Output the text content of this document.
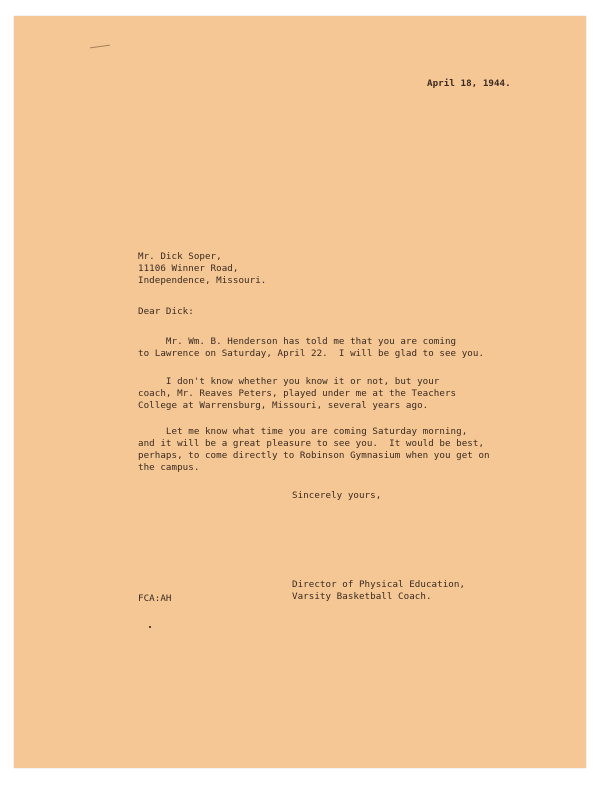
April 18, 1944.
Mr. Dick Soper,
11106 Winner Road,
Independence, Missouri.
Dear Dick:
Mr. Wm. B. Henderson has told me that you are coming
to Lawrence on Saturday, April 22.  I will be glad to see you.
I don't know whether you know it or not, but your
coach, Mr. Reaves Peters, played under me at the Teachers
College at Warrensburg, Missouri, several years ago.
Let me know what time you are coming Saturday morning,
and it will be a great pleasure to see you.  It would be best,
perhaps, to come directly to Robinson Gymnasium when you get on
the campus.
Sincerely yours,
Director of Physical Education,
Varsity Basketball Coach.
FCA:AH
